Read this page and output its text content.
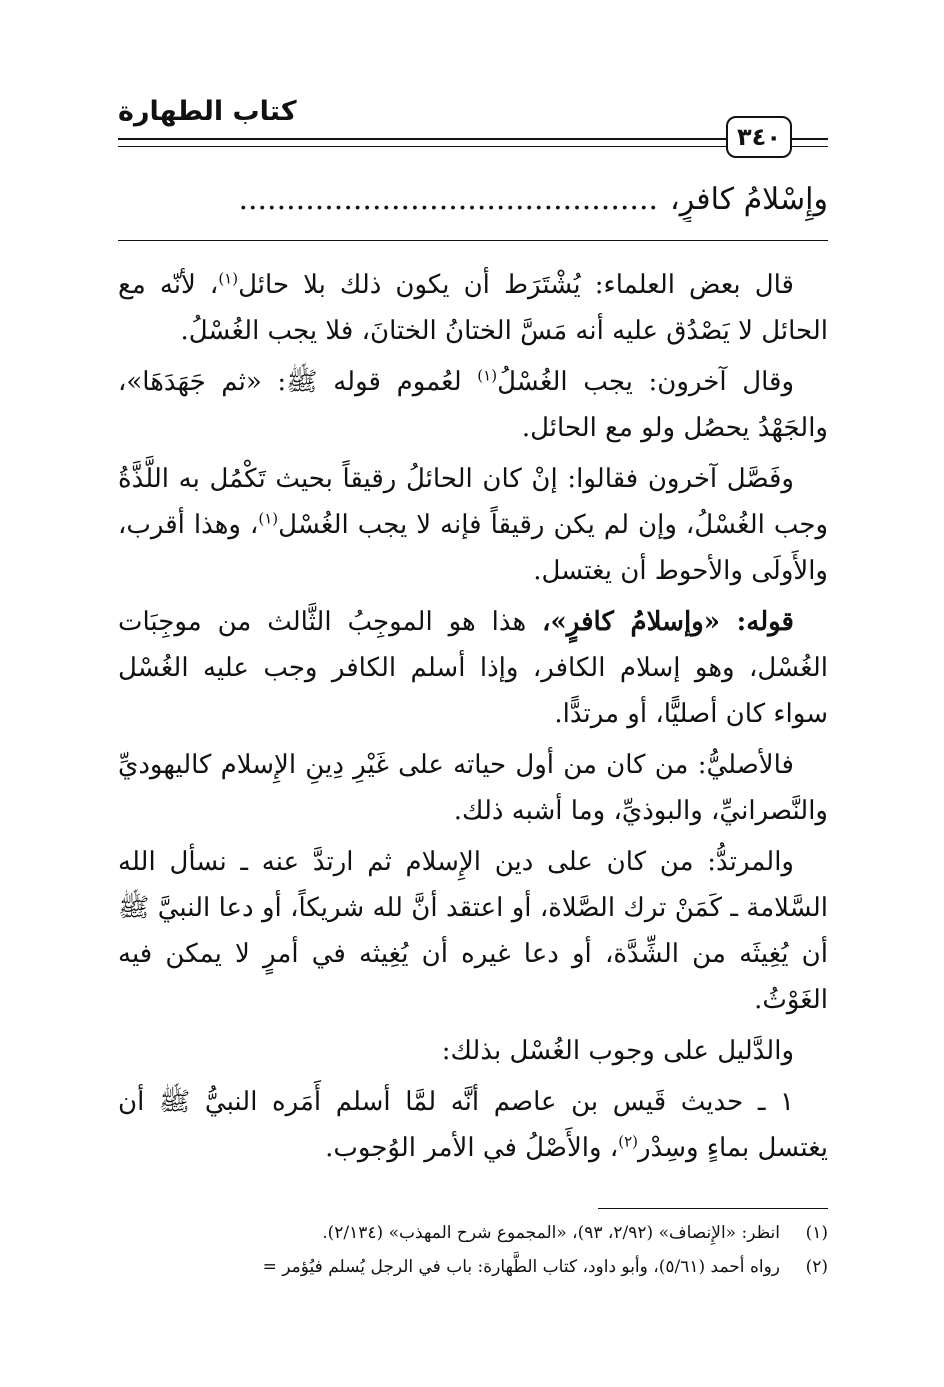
كتاب الطهارة
٣٤٠
وإِسْلامُ كافرٍ،............................................

قال بعض العلماء: يُشْتَرَط أن يكون ذلك بلا حائل$^{(١)}$، لأنّه مع الحائل لا يَصْدُق عليه أنه مَسَّ الختانُ الختانَ، فلا يجب الغُسْلُ.

وقال آخرون: يجب الغُسْلُ$^{(١)}$ لعُموم قوله ﷺ: «ثم جَهَدَهَا»، والجَهْدُ يحصُل ولو مع الحائل.

وفَصَّل آخرون فقالوا: إنْ كان الحائلُ رقيقاً بحيث تَكْمُل به اللَّذَّةُ وجب الغُسْلُ، وإن لم يكن رقيقاً فإنه لا يجب الغُسْل$^{(١)}$، وهذا أقرب، والأَولَى والأحوط أن يغتسل.

قوله: «وإسلامُ كافرٍ»، هذا هو الموجِبُ الثَّالث من موجِبَات الغُسْل، وهو إسلام الكافر، وإذا أسلم الكافر وجب عليه الغُسْل سواء كان أصليًّا، أو مرتدًّا.

فالأصليُّ: من كان من أول حياته على غَيْرِ دِينِ الإِسلام كاليهوديِّ والنَّصرانيِّ، والبوذيِّ، وما أشبه ذلك.

والمرتدُّ: من كان على دين الإِسلام ثم ارتدَّ عنه ـ نسأل الله السَّلامة ـ كَمَنْ ترك الصَّلاة، أو اعتقد أنَّ لله شريكاً، أو دعا النبيَّ ﷺ أن يُغِيثَه من الشِّدَّة، أو دعا غيره أن يُغِيثه في أمرٍ لا يمكن فيه الغَوْثُ.

والدَّليل على وجوب الغُسْل بذلك:

١ ـ حديث قَيس بن عاصم أنَّه لمَّا أسلم أَمَره النبيُّ ﷺ أن يغتسل بماءٍ وسِدْر$^{(٢)}$، والأَصْلُ في الأمر الوُجوب.

(١)
انظر: «الإِنصاف» (٢/٩٢، ٩٣)، «المجموع شرح المهذب» (٢/١٣٤).
(٢)
رواه أحمد (٥/٦١)، وأبو داود، كتاب الطَّهارة: باب في الرجل يُسلم فيُؤمر =
